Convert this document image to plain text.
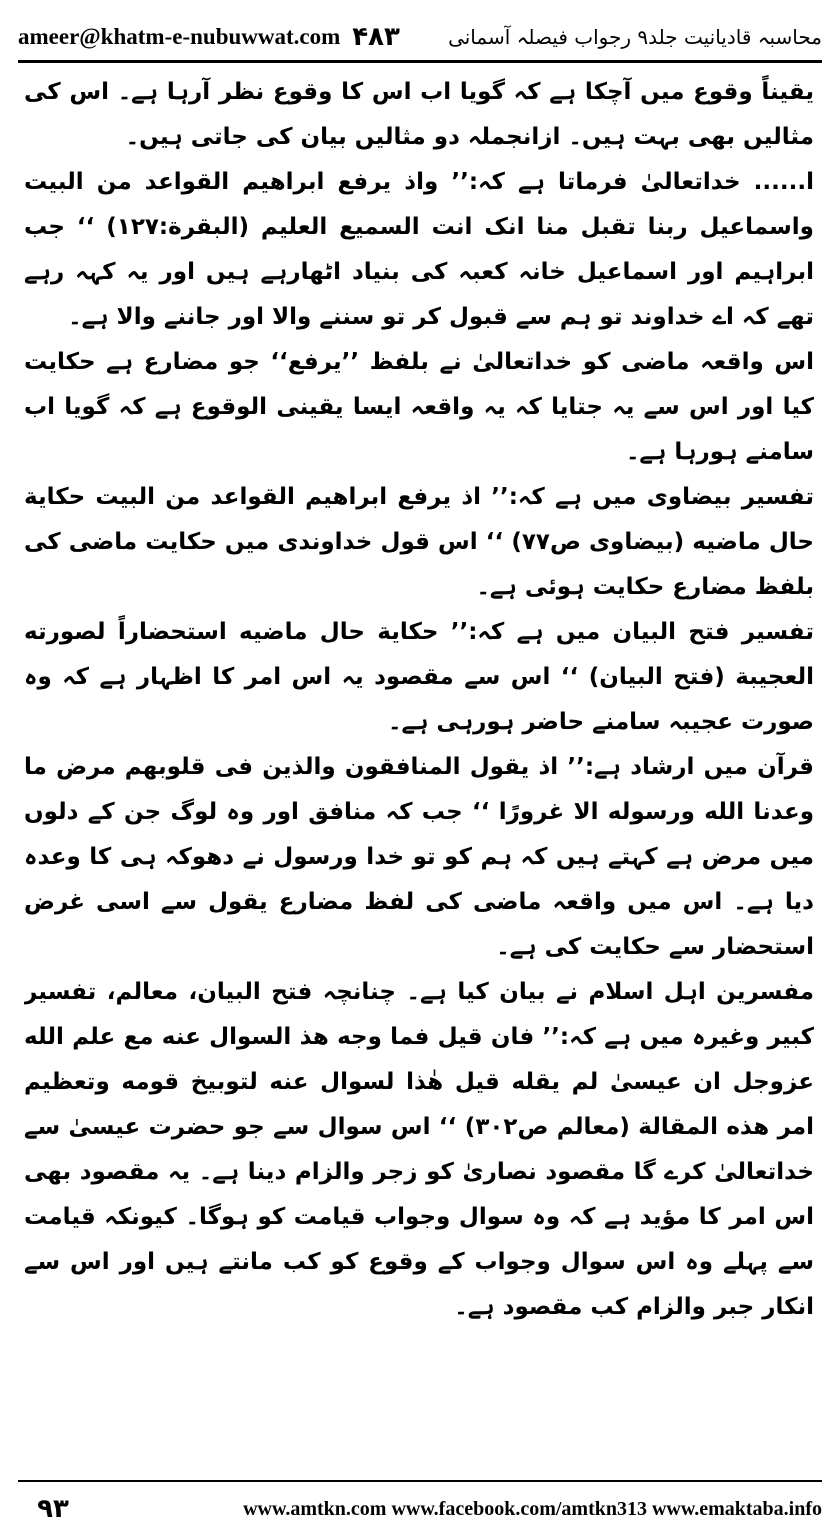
ameer@khatm-e-nubuwwat.com ۴۸۳ محاسبہ قادیانیت جلد۹ رجواب فیصلہ آسمانی

یقیناً وقوع میں آچکا ہے کہ گویا اب اس کا وقوع نظر آرہا ہے۔ اس کی مثالیں بھی بہت ہیں۔ ازانجملہ دو مثالیں بیان کی جاتی ہیں۔

ا...... خداتعالیٰ فرماتا ہے کہ:’’ واذ یرفع ابراھیم القواعد من البیت واسماعیل ربنا تقبل منا انک انت السمیع العلیم (البقرة:۱۲۷) ‘‘ جب ابراہیم اور اسماعیل خانہ کعبہ کی بنیاد اٹھارہے ہیں اور یہ کہہ رہے تھے کہ اے خداوند تو ہم سے قبول کر تو سننے والا اور جاننے والا ہے۔

اس واقعہ ماضی کو خداتعالیٰ نے بلفظ ’’یرفع‘‘ جو مضارع ہے حکایت کیا اور اس سے یہ جتایا کہ یہ واقعہ ایسا یقینی الوقوع ہے کہ گویا اب سامنے ہورہا ہے۔

تفسیر بیضاوی میں ہے کہ:’’ اذ یرفع ابراھیم القواعد من البیت حکایة حال ماضیه (بیضاوی ص۷۷) ‘‘ اس قول خداوندی میں حکایت ماضی کی بلفظ مضارع حکایت ہوئی ہے۔

تفسیر فتح البیان میں ہے کہ:’’ حکایة حال ماضیه استحضاراً لصورته العجیبة (فتح البیان) ‘‘ اس سے مقصود یہ اس امر کا اظہار ہے کہ وہ صورت عجیبہ سامنے حاضر ہورہی ہے۔

قرآن میں ارشاد ہے:’’ اذ یقول المنافقون والذین فی قلوبهم مرض ما وعدنا الله ورسوله الا غرورًا ‘‘ جب کہ منافق اور وہ لوگ جن کے دلوں میں مرض ہے کہتے ہیں کہ ہم کو تو خدا ورسول نے دھوکہ ہی کا وعدہ دیا ہے۔ اس میں واقعہ ماضی کی لفظ مضارع یقول سے اسی غرض استحضار سے حکایت کی ہے۔

مفسرین اہل اسلام نے بیان کیا ہے۔ چنانچہ فتح البیان، معالم، تفسیر کبیر وغیرہ میں ہے کہ:’’ فان قیل فما وجه هذ السوال عنه مع علم الله عزوجل ان عیسیٰ لم یقله قیل هٰذا لسوال عنه لتوبیخ قومه وتعظیم امر هذه المقالة (معالم ص۳۰۲) ‘‘ اس سوال سے جو حضرت عیسیٰ سے خداتعالیٰ کرے گا مقصود نصاریٰ کو زجر والزام دینا ہے۔ یہ مقصود بھی اس امر کا مؤید ہے کہ وہ سوال وجواب قیامت کو ہوگا۔ کیونکہ قیامت سے پہلے وہ اس سوال وجواب کے وقوع کو کب مانتے ہیں اور اس سے انکار جبر والزام کب مقصود ہے۔

۹۳	www.amtkn.com www.facebook.com/amtkn313 www.emaktaba.info
